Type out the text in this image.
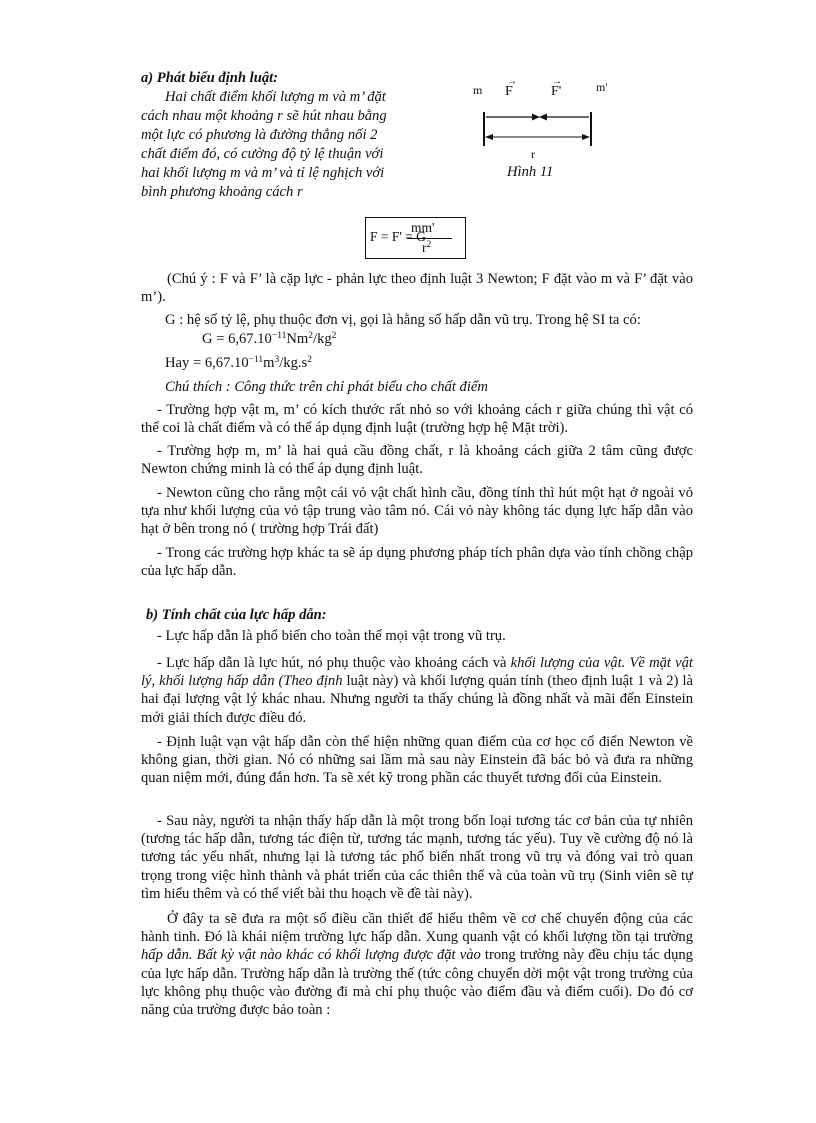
a) Phát biểu định luật:
Hai chất điểm khối lượng m và m’ đặt
cách nhau một khoảng r sẽ hút nhau bằng
một lực có phương là đường thẳng nối 2
chất điểm đó, có cường độ tỷ lệ thuận với
hai khối lượng m và m’ và tỉ lệ nghịch với
bình phương khoảng cách r
m	m'
→
F
→
F'
r
Hình 11
F = F' = G
mm'
$r^2$
(Chú ý : F và F’ là cặp lực - phản lực theo định luật 3 Newton; F đặt vào m và F’ đặt vào m’).
G : hệ số tỷ lệ, phụ thuộc đơn vị, gọi là hằng số hấp dẫn vũ trụ. Trong hệ SI ta có:
$G = 6,67.10^{-11}Nm^2/kg^2$
Hay = $6,67.10^{-11}m^3/kg.s^2$
Chú thích : Công thức trên chỉ phát biểu cho chất điểm
- Trường hợp vật m, m’ có kích thước rất nhỏ so với khoảng cách r giữa chúng thì vật có thể coi là chất điểm và có thể áp dụng định luật (trường hợp hệ Mặt trời).
- Trường hợp m, m’ là hai quả cầu đồng chất, r là khoảng cách giữa 2 tâm cũng được Newton chứng minh là có thể áp dụng định luật.
- Newton cũng cho rằng một cái vỏ vật chất hình cầu, đồng tính thì hút một hạt ở ngoài vỏ tựa như khối lượng của vỏ tập trung vào tâm nó. Cái vỏ này không tác dụng lực hấp dẫn vào hạt ở bên trong nó ( trường hợp Trái đất)
- Trong các trường hợp khác ta sẽ áp dụng phương pháp tích phân dựa vào tính chồng chập của lực hấp dẫn.
b) Tính chất của lực hấp dẫn:
- Lực hấp dẫn là phổ biến cho toàn thể mọi vật trong vũ trụ.
- Lực hấp dẫn là lực hút, nó phụ thuộc vào khoảng cách và khối lượng của vật. Về mặt vật lý, khối lượng hấp dẫn (Theo định luật này) và khối lượng quán tính (theo định luật 1 và 2) là hai đại lượng vật lý khác nhau. Nhưng người ta thấy chúng là đồng nhất và mãi đến Einstein mới giải thích được điều đó.
- Định luật vạn vật hấp dẫn còn thể hiện những quan điểm của cơ học cổ điển Newton về không gian, thời gian. Nó có những sai lầm mà sau này Einstein đã bác bỏ và đưa ra những quan niệm mới, đúng đắn hơn. Ta sẽ xét kỹ trong phần các thuyết tương đối của Einstein.
- Sau này, người ta nhận thấy hấp dẫn là một trong bốn loại tương tác cơ bản của tự nhiên (tương tác hấp dẫn, tương tác điện từ, tương tác mạnh, tương tác yếu). Tuy về cường độ nó là tương tác yếu nhất, nhưng lại là tương tác phổ biến nhất trong vũ trụ và đóng vai trò quan trọng trong việc hình thành và phát triển của các thiên thể và của toàn vũ trụ (Sinh viên sẽ tự tìm hiểu thêm và có thể viết bài thu hoạch về đề tài này).
Ở đây ta sẽ đưa ra một số điều cần thiết để hiểu thêm về cơ chế chuyển động của các hành tinh. Đó là khái niệm trường lực hấp dẫn. Xung quanh vật có khối lượng tồn tại trường hấp dẫn. Bất kỳ vật nào khác có khối lượng được đặt vào trong trường này đều chịu tác dụng của lực hấp dẫn. Trường hấp dẫn là trường thế (tức công chuyển dời một vật trong trường của lực không phụ thuộc vào đường đi mà chỉ phụ thuộc vào điểm đầu và điểm cuối). Do đó cơ năng của trường được bảo toàn :
